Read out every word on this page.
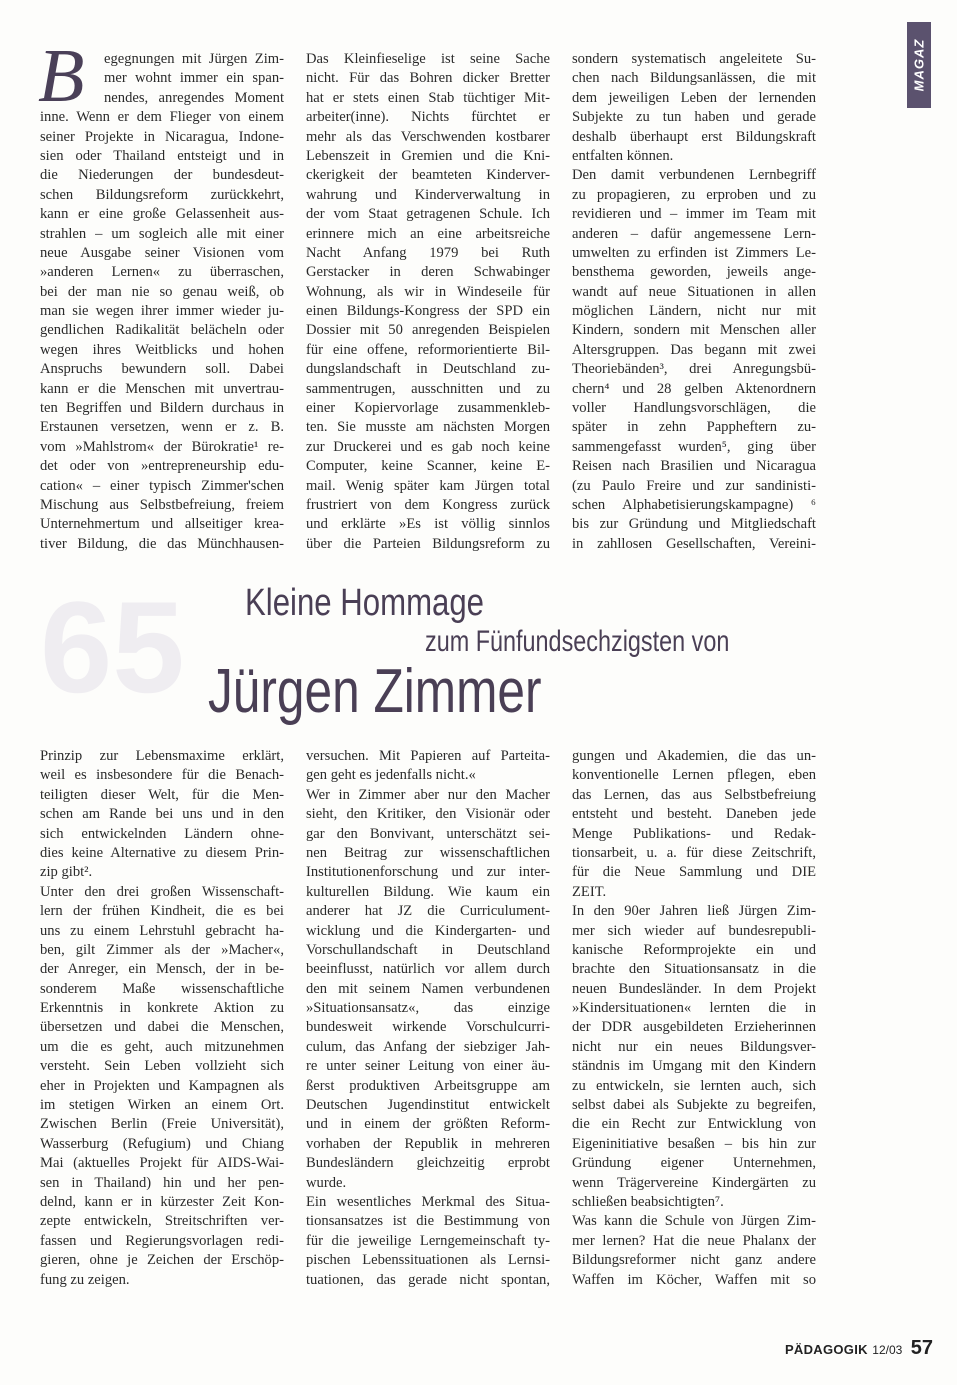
MAGAZ
B	egegnungen mit Jürgen Zim-
mer wohnt immer ein span-
nendes, anregendes Moment
inne. Wenn er dem Flieger von einem
seiner Projekte in Nicaragua, Indone-
sien oder Thailand entsteigt und in
die Niederungen der bundesdeut-
schen Bildungsreform zurückkehrt,
kann er eine große Gelassenheit aus-
strahlen – um sogleich alle mit einer
neue Ausgabe seiner Visionen vom
»anderen Lernen« zu überraschen,
bei der man nie so genau weiß, ob
man sie wegen ihrer immer wieder ju-
gendlichen Radikalität belächeln oder
wegen ihres Weitblicks und hohen
Anspruchs bewundern soll. Dabei
kann er die Menschen mit unvertrau-
ten Begriffen und Bildern durchaus in
Erstaunen versetzen, wenn er z. B.
vom »Mahlstrom« der Bürokratie¹ re-
det oder von »entrepreneurship edu-
cation« – einer typisch Zimmer'schen
Mischung aus Selbstbefreiung, freiem
Unternehmertum und allseitiger krea-
tiver Bildung, die das Münchhausen-
Das Kleinfieselige ist seine Sache
nicht. Für das Bohren dicker Bretter
hat er stets einen Stab tüchtiger Mit-
arbeiter(inne). Nichts fürchtet er
mehr als das Verschwenden kostbarer
Lebenszeit in Gremien und die Kni-
ckerigkeit der beamteten Kinderver-
wahrung und Kinderverwaltung in
der vom Staat getragenen Schule. Ich
erinnere mich an eine arbeitsreiche
Nacht Anfang 1979 bei Ruth
Gerstacker in deren Schwabinger
Wohnung, als wir in Windeseile für
einen Bildungs-Kongress der SPD ein
Dossier mit 50 anregenden Beispielen
für eine offene, reformorientierte Bil-
dungslandschaft in Deutschland zu-
sammentrugen, ausschnitten und zu
einer Kopiervorlage zusammenkleb-
ten. Sie musste am nächsten Morgen
zur Druckerei und es gab noch keine
Computer, keine Scanner, keine E-
mail. Wenig später kam Jürgen total
frustriert von dem Kongress zurück
und erklärte »Es ist völlig sinnlos
über die Parteien Bildungsreform zu
sondern systematisch angeleitete Su-
chen nach Bildungsanlässen, die mit
dem jeweiligen Leben der lernenden
Subjekte zu tun haben und gerade
deshalb überhaupt erst Bildungskraft
entfalten können.
Den damit verbundenen Lernbegriff
zu propagieren, zu erproben und zu
revidieren und – immer im Team mit
anderen – dafür angemessene Lern-
umwelten zu erfinden ist Zimmers Le-
bensthema geworden, jeweils ange-
wandt auf neue Situationen in allen
möglichen Ländern, nicht nur mit
Kindern, sondern mit Menschen aller
Altersgruppen. Das begann mit zwei
Theoriebänden³, drei Anregungsbü-
chern⁴ und 28 gelben Aktenordnern
voller Handlungsvorschlägen, die
später in zehn Pappheftern zu-
sammengefasst wurden⁵, ging über
Reisen nach Brasilien und Nicaragua
(zu Paulo Freire und zur sandinisti-
schen Alphabetisierungskampagne) ⁶
bis zur Gründung und Mitgliedschaft
in zahllosen Gesellschaften, Vereini-
65 Kleine Hommage
zum Fünfundsechzigsten von
Jürgen Zimmer
Prinzip zur Lebensmaxime erklärt,
weil es insbesondere für die Benach-
teiligten dieser Welt, für die Men-
schen am Rande bei uns und in den
sich entwickelnden Ländern ohne-
dies keine Alternative zu diesem Prin-
zip gibt².
Unter den drei großen Wissenschaft-
lern der frühen Kindheit, die es bei
uns zu einem Lehrstuhl gebracht ha-
ben, gilt Zimmer als der »Macher«,
der Anreger, ein Mensch, der in be-
sonderem Maße wissenschaftliche
Erkenntnis in konkrete Aktion zu
übersetzen und dabei die Menschen,
um die es geht, auch mitzunehmen
versteht. Sein Leben vollzieht sich
eher in Projekten und Kampagnen als
im stetigen Wirken an einem Ort.
Zwischen Berlin (Freie Universität),
Wasserburg (Refugium) und Chiang
Mai (aktuelles Projekt für AIDS-Wai-
sen in Thailand) hin und her pen-
delnd, kann er in kürzester Zeit Kon-
zepte entwickeln, Streitschriften ver-
fassen und Regierungsvorlagen redi-
gieren, ohne je Zeichen der Erschöp-
fung zu zeigen.
versuchen. Mit Papieren auf Parteita-
gen geht es jedenfalls nicht.«
Wer in Zimmer aber nur den Macher
sieht, den Kritiker, den Visionär oder
gar den Bonvivant, unterschätzt sei-
nen Beitrag zur wissenschaftlichen
Institutionenforschung und zur inter-
kulturellen Bildung. Wie kaum ein
anderer hat JZ die Curriculument-
wicklung und die Kindergarten- und
Vorschullandschaft in Deutschland
beeinflusst, natürlich vor allem durch
den mit seinem Namen verbundenen
»Situationsansatz«, das einzige
bundesweit wirkende Vorschulcurri-
culum, das Anfang der siebziger Jah-
re unter seiner Leitung von einer äu-
ßerst produktiven Arbeitsgruppe am
Deutschen Jugendinstitut entwickelt
und in einem der größten Reform-
vorhaben der Republik in mehreren
Bundesländern gleichzeitig erprobt
wurde.
Ein wesentliches Merkmal des Situa-
tionsansatzes ist die Bestimmung von
für die jeweilige Lerngemeinschaft ty-
pischen Lebenssituationen als Lernsi-
tuationen, das gerade nicht spontan,
gungen und Akademien, die das un-
konventionelle Lernen pflegen, eben
das Lernen, das aus Selbstbefreiung
entsteht und besteht. Daneben jede
Menge Publikations- und Redak-
tionsarbeit, u. a. für diese Zeitschrift,
für die Neue Sammlung und DIE
ZEIT.
In den 90er Jahren ließ Jürgen Zim-
mer sich wieder auf bundesrepubli-
kanische Reformprojekte ein und
brachte den Situationsansatz in die
neuen Bundesländer. In dem Projekt
»Kindersituationen« lernten die in
der DDR ausgebildeten Erzieherinnen
nicht nur ein neues Bildungsver-
ständnis im Umgang mit den Kindern
zu entwickeln, sie lernten auch, sich
selbst dabei als Subjekte zu begreifen,
die ein Recht zur Entwicklung von
Eigeninitiative besaßen – bis hin zur
Gründung eigener Unternehmen,
wenn Trägervereine Kindergärten zu
schließen beabsichtigten⁷.
Was kann die Schule von Jürgen Zim-
mer lernen? Hat die neue Phalanx der
Bildungsreformer nicht ganz andere
Waffen im Köcher, Waffen mit so
PÄDAGOGIK 12/03 57
